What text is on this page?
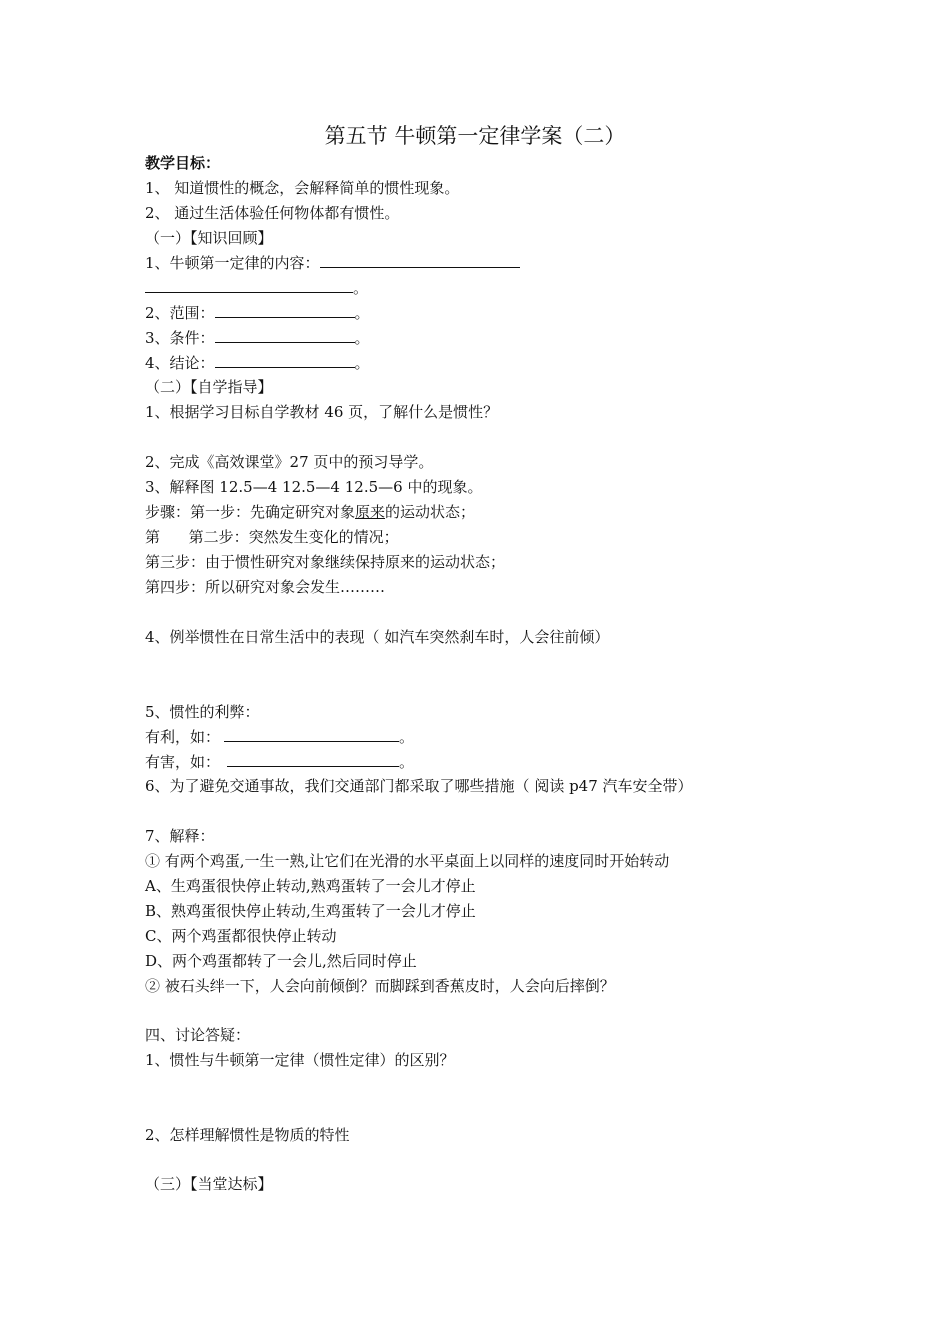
第五节 牛顿第一定律学案（二）
教学目标：
1、 知道惯性的概念，会解释简单的惯性现象。
2、 通过生活体验任何物体都有惯性。
（一）【知识回顾】
1、牛顿第一定律的内容：
。
2、范围：	。
3、条件：	。
4、结论：	。
（二）【自学指导】
1、根据学习目标自学教材 46 页，了解什么是惯性？
2、完成《高效课堂》27 页中的预习导学。
3、解释图 12.5—4 12.5—4 12.5—6 中的现象。
步骤：第一步：先确定研究对象原来的运动状态；
第      第二步：突然发生变化的情况；
第三步：由于惯性研究对象继续保持原来的运动状态；
第四步：所以研究对象会发生………
4、例举惯性在日常生活中的表现（ 如汽车突然刹车时，人会往前倾）
5、惯性的利弊：
有利，如：	。
有害，如：	。
6、为了避免交通事故，我们交通部门都采取了哪些措施（ 阅读 p47 汽车安全带）
7、解释：
① 有两个鸡蛋,一生一熟,让它们在光滑的水平桌面上以同样的速度同时开始转动
A、生鸡蛋很快停止转动,熟鸡蛋转了一会儿才停止
B、熟鸡蛋很快停止转动,生鸡蛋转了一会儿才停止
C、两个鸡蛋都很快停止转动
D、两个鸡蛋都转了一会儿,然后同时停止
② 被石头绊一下，人会向前倾倒？而脚踩到香蕉皮时，人会向后摔倒？
四、讨论答疑：
1、惯性与牛顿第一定律（惯性定律）的区别？
2、怎样理解惯性是物质的特性
（三）【当堂达标】
